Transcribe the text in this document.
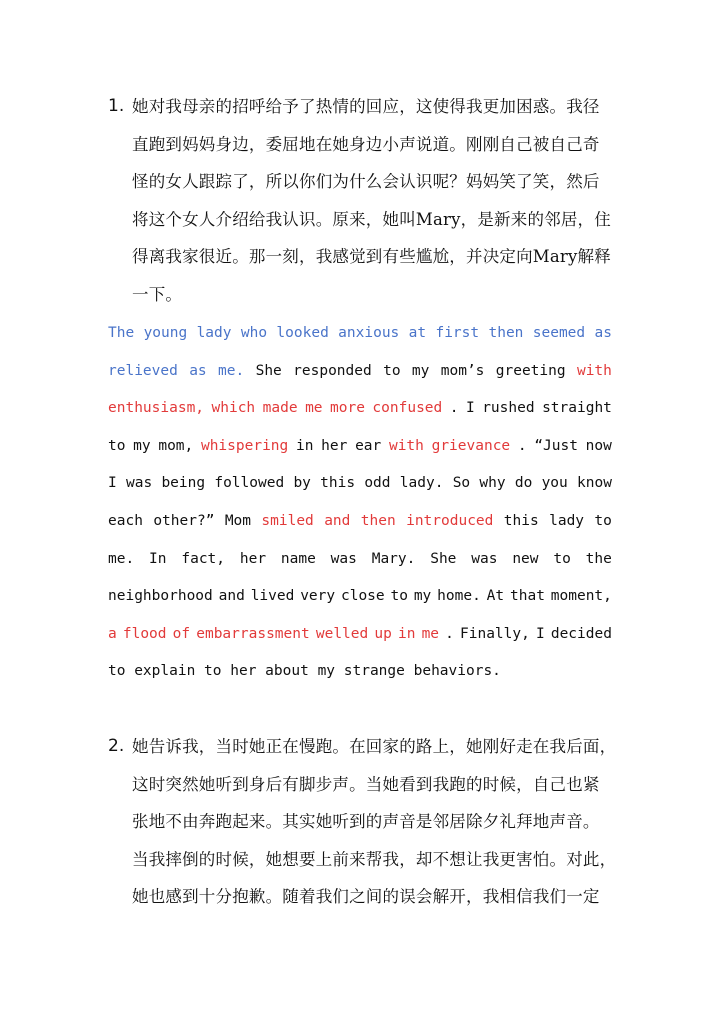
1. 她对我母亲的招呼给予了热情的回应，这使得我更加困惑。我径
直跑到妈妈身边，委屈地在她身边小声说道。刚刚自己被自己奇
怪的女人跟踪了，所以你们为什么会认识呢？妈妈笑了笑，然后
将这个女人介绍给我认识。原来，她叫Mary，是新来的邻居，住
得离我家很近。那一刻，我感觉到有些尴尬，并决定向Mary解释
一下。
The young lady who looked anxious at first then seemed as
relieved as me. She responded to my mom’s greeting with
enthusiasm, which made me more confused . I rushed straight
to my mom, whispering in her ear with grievance . “Just now
I was being followed by this odd lady. So why do you know
each other?” Mom smiled and then introduced this lady to
me. In fact, her name was Mary. She was new to the
neighborhood and lived very close to my home. At that moment,
a flood of embarrassment welled up in me . Finally, I decided
to explain to her about my strange behaviors.
2. 她告诉我，当时她正在慢跑。在回家的路上，她刚好走在我后面，
这时突然她听到身后有脚步声。当她看到我跑的时候，自己也紧
张地不由奔跑起来。其实她听到的声音是邻居除夕礼拜地声音。
当我摔倒的时候，她想要上前来帮我，却不想让我更害怕。对此，
她也感到十分抱歉。随着我们之间的误会解开，我相信我们一定
